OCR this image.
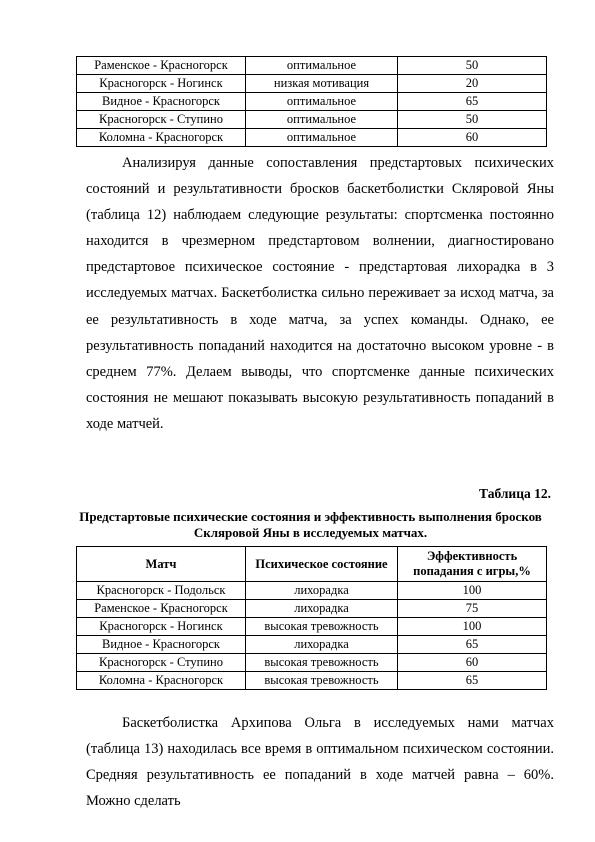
Раменское - Красногорск	оптимальное	50
Красногорск - Ногинск	низкая мотивация	20
Видное - Красногорск	оптимальное	65
Красногорск - Ступино	оптимальное	50
Коломна - Красногорск	оптимальное	60

Анализируя данные сопоставления предстартовых психических состояний и результативности бросков баскетболистки Скляровой Яны (таблица 12) наблюдаем следующие результаты: спортсменка постоянно находится в чрезмерном предстартовом волнении, диагностировано предстартовое психическое состояние - предстартовая лихорадка в 3 исследуемых матчах. Баскетболистка сильно переживает за исход матча, за ее результативность в ходе матча, за успех команды. Однако, ее результативность попаданий находится на достаточно высоком уровне - в среднем 77%. Делаем выводы, что спортсменке данные психических состояния не мешают показывать высокую результативность попаданий в ходе матчей.

Таблица 12.
Предстартовые психические состояния и эффективность выполнения бросков Скляровой Яны в исследуемых матчах.
Матч	Психическое состояние	Эффективность попадания с игры,%
Красногорск - Подольск	лихорадка	100
Раменское - Красногорск	лихорадка	75
Красногорск - Ногинск	высокая тревожность	100
Видное - Красногорск	лихорадка	65
Красногорск - Ступино	высокая тревожность	60
Коломна - Красногорск	высокая тревожность	65

Баскетболистка Архипова Ольга в исследуемых нами матчах (таблица 13) находилась все время в оптимальном психическом состоянии. Средняя результативность ее попаданий в ходе матчей равна – 60%. Можно сделать
